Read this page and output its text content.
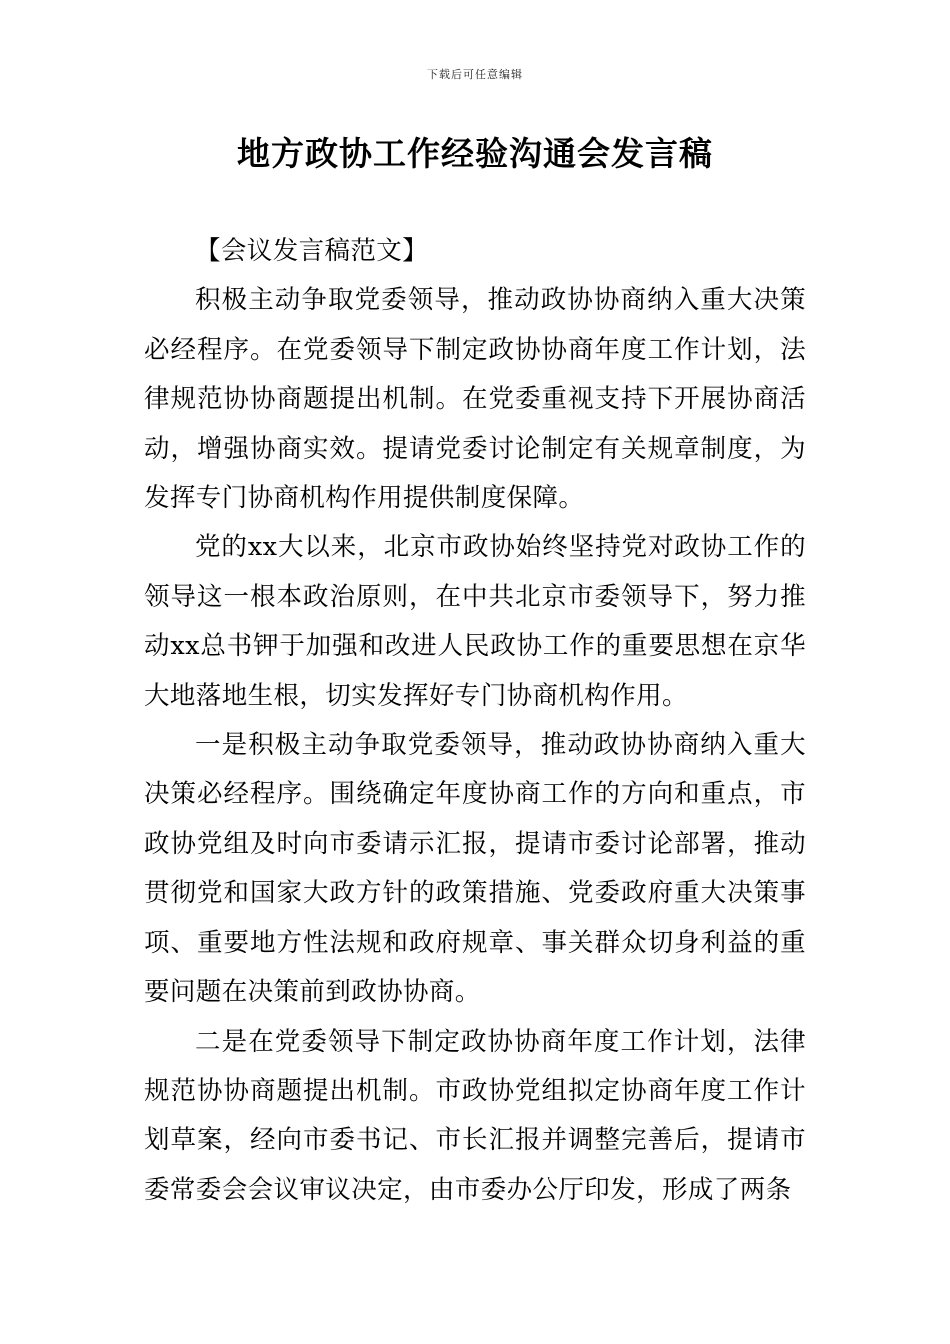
下载后可任意编辑
地方政协工作经验沟通会发言稿

【会议发言稿范文】

积极主动争取党委领导，推动政协协商纳入重大决策必经程序。在党委领导下制定政协协商年度工作计划，法律规范协协商题提出机制。在党委重视支持下开展协商活动，增强协商实效。提请党委讨论制定有关规章制度，为发挥专门协商机构作用提供制度保障。

党的xx大以来，北京市政协始终坚持党对政协工作的领导这一根本政治原则，在中共北京市委领导下，努力推动xx总书钾于加强和改进人民政协工作的重要思想在京华大地落地生根，切实发挥好专门协商机构作用。

一是积极主动争取党委领导，推动政协协商纳入重大决策必经程序。围绕确定年度协商工作的方向和重点，市政协党组及时向市委请示汇报，提请市委讨论部署，推动贯彻党和国家大政方针的政策措施、党委政府重大决策事项、重要地方性法规和政府规章、事关群众切身利益的重要问题在决策前到政协协商。

二是在党委领导下制定政协协商年度工作计划，法律规范协协商题提出机制。市政协党组拟定协商年度工作计划草案，经向市委书记、市长汇报并调整完善后，提请市委常委会会议审议决定，由市委办公厅印发，形成了两条
